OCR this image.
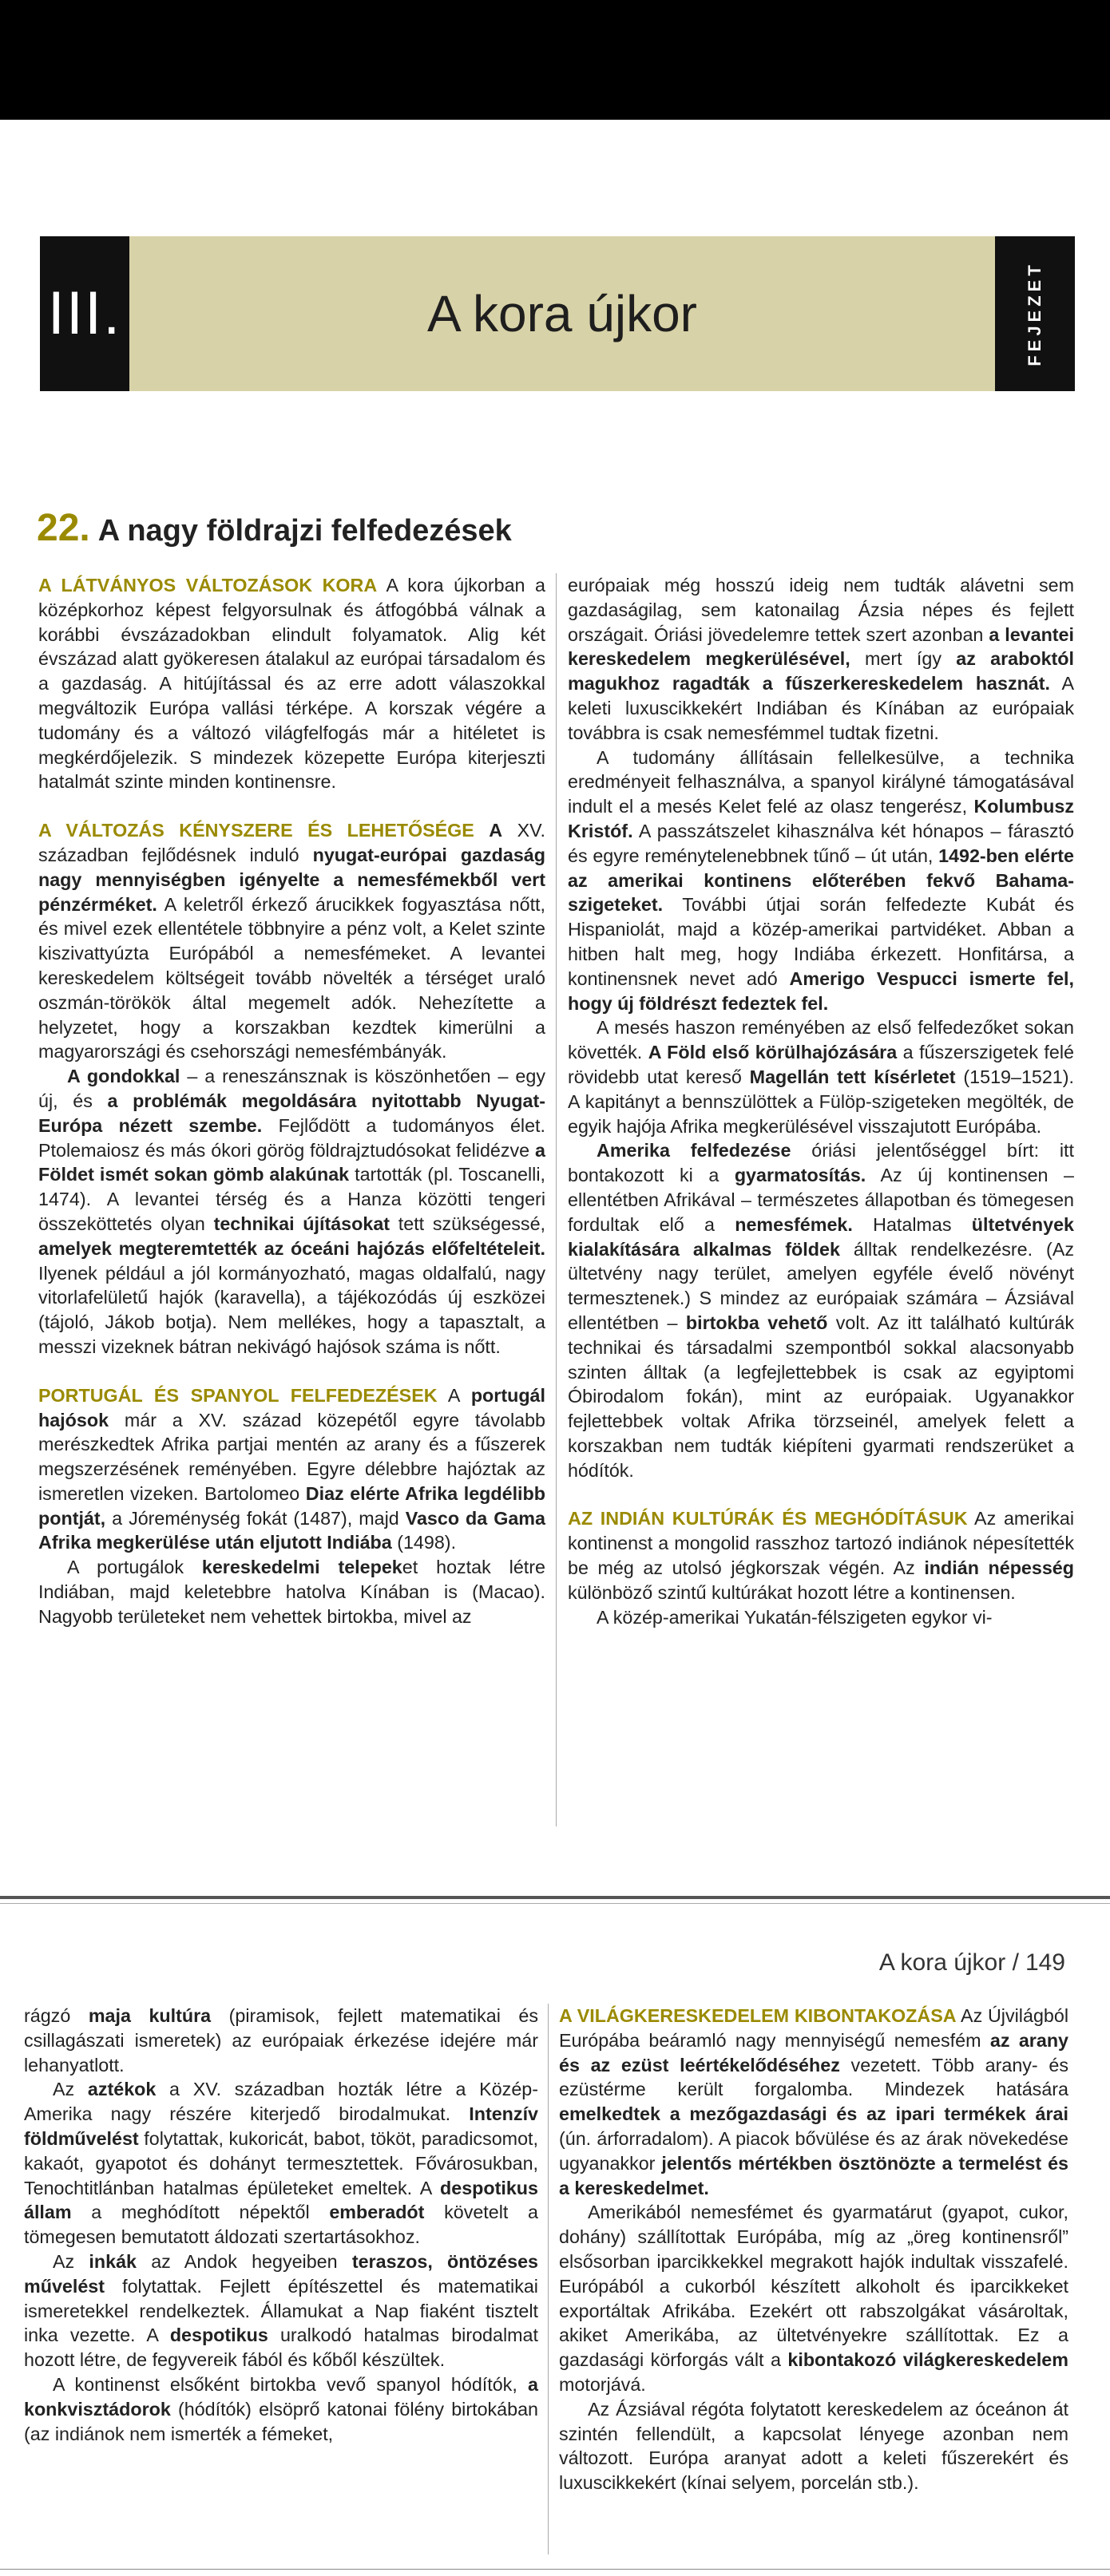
III.	A kora újkor	FEJEZET
22. A nagy földrajzi felfedezések

A LÁTVÁNYOS VÁLTOZÁSOK KORA A kora újkorban a középkorhoz képest felgyorsulnak és átfogóbbá válnak a korábbi évszázadokban elindult folyamatok. Alig két évszázad alatt gyökeresen átalakul az európai társadalom és a gazdaság. A hitújítással és az erre adott válaszokkal megváltozik Európa vallási térképe. A korszak végére a tudomány és a változó világfelfogás már a hitéletet is megkérdőjelezik. S mindezek közepette Európa kiterjeszti hatalmát szinte minden kontinensre.

A VÁLTOZÁS KÉNYSZERE ÉS LEHETŐSÉGE A XV. században fejlődésnek induló nyugat-európai gazdaság nagy mennyiségben igényelte a nemesfémekből vert pénzérméket. A keletről érkező árucikkek fogyasztása nőtt, és mivel ezek ellentétele többnyire a pénz volt, a Kelet szinte kiszivattyúzta Európából a nemesfémeket. A levantei kereskedelem költségeit tovább növelték a térséget uraló oszmán-törökök által megemelt adók. Nehezítette a helyzetet, hogy a korszakban kezdtek kimerülni a magyarországi és csehországi nemesfémbányák.

A gondokkal – a reneszánsznak is köszönhetően – egy új, és a problémák megoldására nyitottabb Nyugat-Európa nézett szembe. Fejlődött a tudományos élet. Ptolemaiosz és más ókori görög földrajztudósokat felidézve a Földet ismét sokan gömb alakúnak tartották (pl. Toscanelli, 1474). A levantei térség és a Hanza közötti tengeri összeköttetés olyan technikai újításokat tett szükségessé, amelyek megteremtették az óceáni hajózás előfeltételeit. Ilyenek például a jól kormányozható, magas oldalfalú, nagy vitorlafelületű hajók (karavella), a tájékozódás új eszközei (tájoló, Jákob botja). Nem mellékes, hogy a tapasztalt, a messzi vizeknek bátran nekivágó hajósok száma is nőtt.

PORTUGÁL ÉS SPANYOL FELFEDEZÉSEK A portugál hajósok már a XV. század közepétől egyre távolabb merészkedtek Afrika partjai mentén az arany és a fűszerek megszerzésének reményében. Egyre délebbre hajóztak az ismeretlen vizeken. Bartolomeo Diaz elérte Afrika legdélibb pontját, a Jóreménység fokát (1487), majd Vasco da Gama Afrika megkerülése után eljutott Indiába (1498).

A portugálok kereskedelmi telepeket hoztak létre Indiában, majd keletebbre hatolva Kínában is (Macao). Nagyobb területeket nem vehettek birtokba, mivel az

európaiak még hosszú ideig nem tudták alávetni sem gazdaságilag, sem katonailag Ázsia népes és fejlett országait. Óriási jövedelemre tettek szert azonban a levantei kereskedelem megkerülésével, mert így az araboktól magukhoz ragadták a fűszerkereskedelem hasznát. A keleti luxuscikkekért Indiában és Kínában az európaiak továbbra is csak nemesfémmel tudtak fizetni.

A tudomány állításain fellelkesülve, a technika eredményeit felhasználva, a spanyol királyné támogatásával indult el a mesés Kelet felé az olasz tengerész, Kolumbusz Kristóf. A passzátszelet kihasználva két hónapos – fárasztó és egyre reménytelenebbnek tűnő – út után, 1492-ben elérte az amerikai kontinens előterében fekvő Bahama-szigeteket. További útjai során felfedezte Kubát és Hispaniolát, majd a közép-amerikai partvidéket. Abban a hitben halt meg, hogy Indiába érkezett. Honfitársa, a kontinensnek nevet adó Amerigo Vespucci ismerte fel, hogy új földrészt fedeztek fel.

A mesés haszon reményében az első felfedezőket sokan követték. A Föld első körülhajózására a fűszerszigetek felé rövidebb utat kereső Magellán tett kísérletet (1519–1521). A kapitányt a bennszülöttek a Fülöp-szigeteken megölték, de egyik hajója Afrika megkerülésével visszajutott Európába.

Amerika felfedezése óriási jelentőséggel bírt: itt bontakozott ki a gyarmatosítás. Az új kontinensen – ellentétben Afrikával – természetes állapotban és tömegesen fordultak elő a nemesfémek. Hatalmas ültetvények kialakítására alkalmas földek álltak rendelkezésre. (Az ültetvény nagy terület, amelyen egyféle évelő növényt termesztenek.) S mindez az európaiak számára – Ázsiával ellentétben – birtokba vehető volt. Az itt található kultúrák technikai és társadalmi szempontból sokkal alacsonyabb szinten álltak (a legfejlettebbek is csak az egyiptomi Óbirodalom fokán), mint az európaiak. Ugyanakkor fejlettebbek voltak Afrika törzseinél, amelyek felett a korszakban nem tudták kiépíteni gyarmati rendszerüket a hódítók.

AZ INDIÁN KULTÚRÁK ÉS MEGHÓDÍTÁSUK Az amerikai kontinenst a mongolid rasszhoz tartozó indiánok népesítették be még az utolsó jégkorszak végén. Az indián népesség különböző szintű kultúrákat hozott létre a kontinensen.

A közép-amerikai Yukatán-félszigeten egykor vi-

A kora újkor / 149

rágzó maja kultúra (piramisok, fejlett matematikai és csillagászati ismeretek) az európaiak érkezése idejére már lehanyatlott.

Az aztékok a XV. században hozták létre a Közép-Amerika nagy részére kiterjedő birodalmukat. Intenzív földművelést folytattak, kukoricát, babot, tököt, paradicsomot, kakaót, gyapotot és dohányt termesztettek. Fővárosukban, Tenochtitlánban hatalmas épületeket emeltek. A despotikus állam a meghódított népektől emberadót követelt a tömegesen bemutatott áldozati szertartásokhoz.

Az inkák az Andok hegyeiben teraszos, öntözéses művelést folytattak. Fejlett építészettel és matematikai ismeretekkel rendelkeztek. Államukat a Nap fiaként tisztelt inka vezette. A despotikus uralkodó hatalmas birodalmat hozott létre, de fegyvereik fából és kőből készültek.

A kontinenst elsőként birtokba vevő spanyol hódítók, a konkvisztádorok (hódítók) elsöprő katonai fölény birtokában (az indiánok nem ismerték a fémeket,

A VILÁGKERESKEDELEM KIBONTAKOZÁSA Az Újvilágból Európába beáramló nagy mennyiségű nemesfém az arany és az ezüst leértékelődéséhez vezetett. Több arany- és ezüstérme került forgalomba. Mindezek hatására emelkedtek a mezőgazdasági és az ipari termékek árai (ún. árforradalom). A piacok bővülése és az árak növekedése ugyanakkor jelentős mértékben ösztönözte a termelést és a kereskedelmet.

Amerikából nemesfémet és gyarmatárut (gyapot, cukor, dohány) szállítottak Európába, míg az „öreg kontinensről” elsősorban iparcikkekkel megrakott hajók indultak visszafelé. Európából a cukorból készített alkoholt és iparcikkeket exportáltak Afrikába. Ezekért ott rabszolgákat vásároltak, akiket Amerikába, az ültetvényekre szállítottak. Ez a gazdasági körforgás vált a kibontakozó világkereskedelem motorjává.

Az Ázsiával régóta folytatott kereskedelem az óceánon át szintén fellendült, a kapcsolat lényege azonban nem változott. Európa aranyat adott a keleti fűszerekért és luxuscikkekért (kínai selyem, porcelán stb.).
